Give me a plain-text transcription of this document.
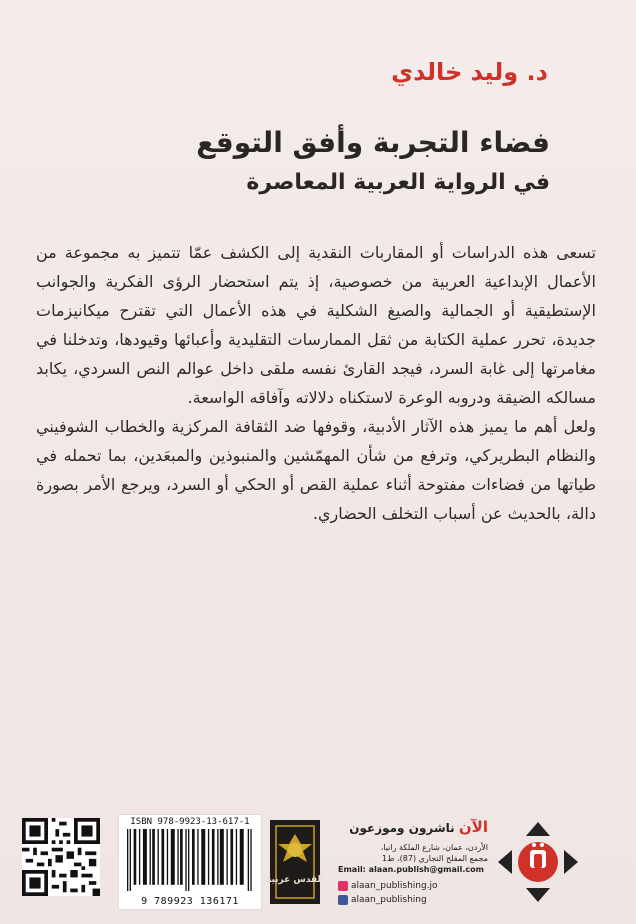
د. وليد خالدي
فضاء التجربة وأفق التوقع
في الرواية العربية المعاصرة

تسعى هذه الدراسات أو المقاربات النقدية إلى الكشف عمّا تتميز به مجموعة من الأعمال الإبداعية العربية من خصوصية، إذ يتم استحضار الرؤى الفكرية والجوانب الإستطيقية أو الجمالية والصيغ الشكلية في هذه الأعمال التي تقترح ميكانيزمات جديدة، تحرر عملية الكتابة من ثقل الممارسات التقليدية وأعبائها وقيودها، وتدخلنا في مغامرتها إلى غابة السرد، فيجد القارئ نفسه ملقى داخل عوالم النص السردي، يكابد مسالكه الضيقة ودروبه الوعرة لاستكناه دلالاته وآفاقه الواسعة.

ولعل أهم ما يميز هذه الآثار الأدبية، وقوفها ضد الثقافة المركزية والخطاب الشوفيني والنظام البطريركي، وترفع من شأن المهمّشين والمنبوذين والمبعَدين، بما تحمله في طياتها من فضاءات مفتوحة أثناء عملية القص أو الحكي أو السرد، ويرجع الأمر بصورة دالة، بالحديث عن أسباب التخلف الحضاري.

ISBN 978-9923-13-617-1
9 789923 136171
القدس عربية
الآن ناشرون وموزعون
الأردن، عمان، شارع الملكة رانيا،
مجمع المفلح التجاري (87)، ط1
Email: alaan.publish@gmail.com
alaan_publishing.jo
alaan_publishing
